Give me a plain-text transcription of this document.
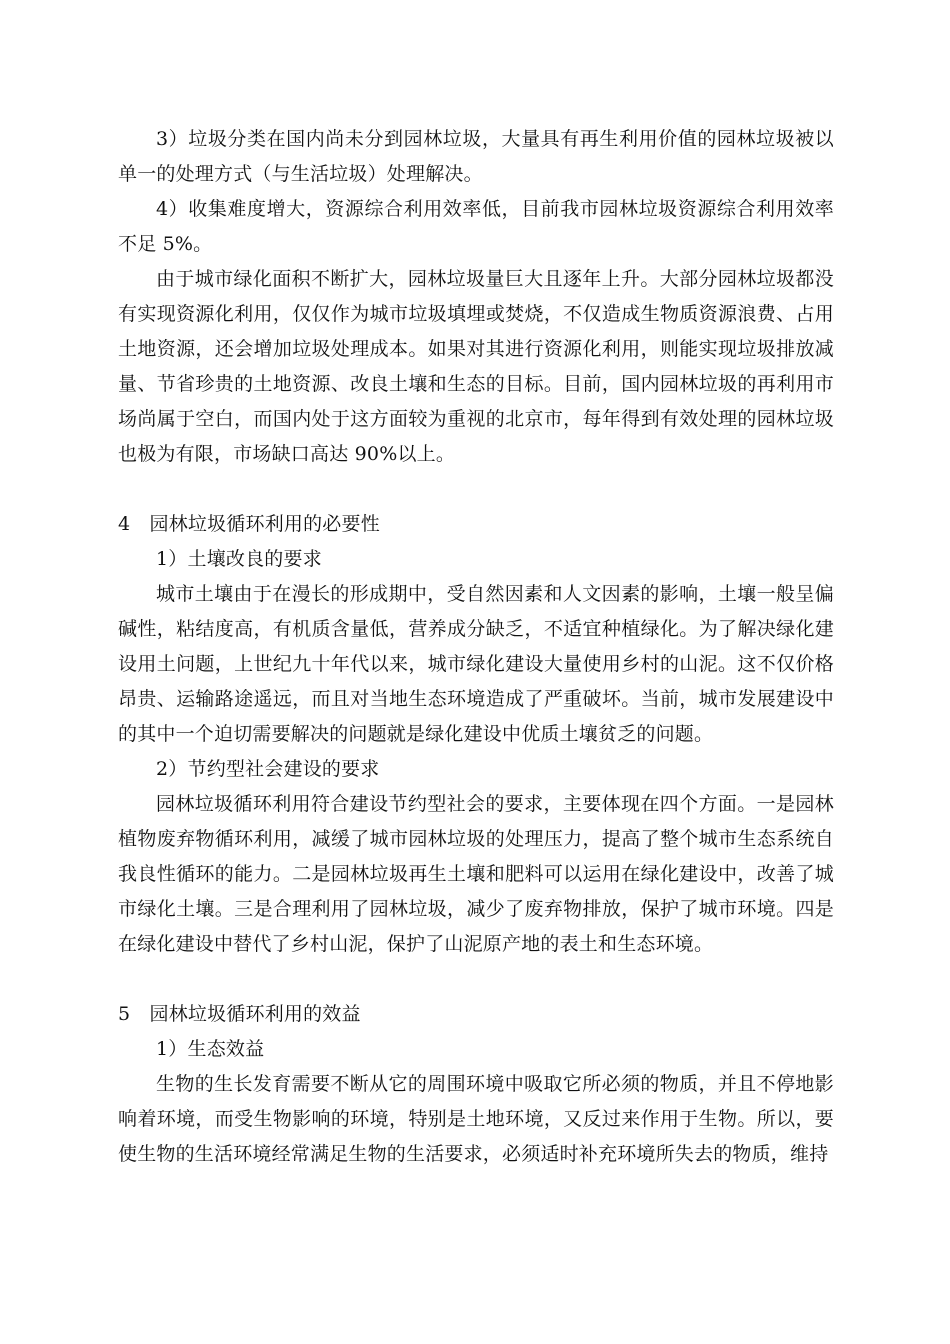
3）垃圾分类在国内尚未分到园林垃圾，大量具有再生利用价值的园林垃圾被以单一的处理方式（与生活垃圾）处理解决。

4）收集难度增大，资源综合利用效率低，目前我市园林垃圾资源综合利用效率不足 5%。

由于城市绿化面积不断扩大，园林垃圾量巨大且逐年上升。大部分园林垃圾都没有实现资源化利用，仅仅作为城市垃圾填埋或焚烧，不仅造成生物质资源浪费、占用土地资源，还会增加垃圾处理成本。如果对其进行资源化利用，则能实现垃圾排放减量、节省珍贵的土地资源、改良土壤和生态的目标。目前，国内园林垃圾的再利用市场尚属于空白，而国内处于这方面较为重视的北京市，每年得到有效处理的园林垃圾也极为有限，市场缺口高达 90%以上。

4　园林垃圾循环利用的必要性

1）土壤改良的要求

城市土壤由于在漫长的形成期中，受自然因素和人文因素的影响，土壤一般呈偏碱性，粘结度高，有机质含量低，营养成分缺乏，不适宜种植绿化。为了解决绿化建设用土问题，上世纪九十年代以来，城市绿化建设大量使用乡村的山泥。这不仅价格昂贵、运输路途遥远，而且对当地生态环境造成了严重破坏。当前，城市发展建设中的其中一个迫切需要解决的问题就是绿化建设中优质土壤贫乏的问题。

2）节约型社会建设的要求

园林垃圾循环利用符合建设节约型社会的要求，主要体现在四个方面。一是园林植物废弃物循环利用，减缓了城市园林垃圾的处理压力，提高了整个城市生态系统自我良性循环的能力。二是园林垃圾再生土壤和肥料可以运用在绿化建设中，改善了城市绿化土壤。三是合理利用了园林垃圾，减少了废弃物排放，保护了城市环境。四是在绿化建设中替代了乡村山泥，保护了山泥原产地的表土和生态环境。

5　园林垃圾循环利用的效益

1）生态效益

生物的生长发育需要不断从它的周围环境中吸取它所必须的物质，并且不停地影响着环境，而受生物影响的环境，特别是土地环境，又反过来作用于生物。所以，要使生物的生活环境经常满足生物的生活要求，必须适时补充环境所失去的物质，维持
